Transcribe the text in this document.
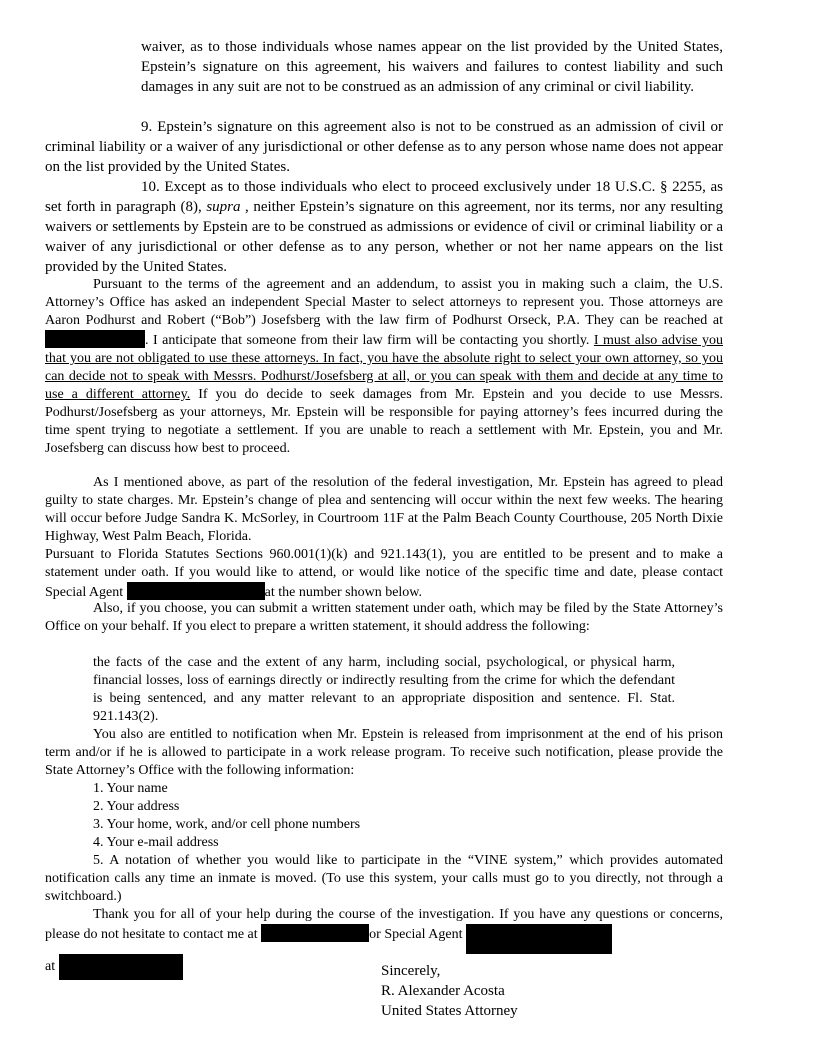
waiver, as to those individuals whose names appear on the list provided by the United States, Epstein’s signature on this agreement, his waivers and failures to contest liability and such damages in any suit are not to be construed as an admission of any criminal or civil liability.

9. Epstein’s signature on this agreement also is not to be construed as an admission of civil or criminal liability or a waiver of any jurisdictional or other defense as to any person whose name does not appear on the list provided by the United States.

10. Except as to those individuals who elect to proceed exclusively under 18 U.S.C. § 2255, as set forth in paragraph (8), supra , neither Epstein’s signature on this agreement, nor its terms, nor any resulting waivers or settlements by Epstein are to be construed as admissions or evidence of civil or criminal liability or a waiver of any jurisdictional or other defense as to any person, whether or not her name appears on the list provided by the United States.

Pursuant to the terms of the agreement and an addendum, to assist you in making such a claim, the U.S. Attorney’s Office has asked an independent Special Master to select attorneys to represent you. Those attorneys are Aaron Podhurst and Robert (“Bob”) Josefsberg with the law firm of Podhurst Orseck, P.A. They can be reached at . I anticipate that someone from their law firm will be contacting you shortly. I must also advise you that you are not obligated to use these attorneys. In fact, you have the absolute right to select your own attorney, so you can decide not to speak with Messrs. Podhurst/Josefsberg at all, or you can speak with them and decide at any time to use a different attorney. If you do decide to seek damages from Mr. Epstein and you decide to use Messrs. Podhurst/Josefsberg as your attorneys, Mr. Epstein will be responsible for paying attorney’s fees incurred during the time spent trying to negotiate a settlement. If you are unable to reach a settlement with Mr. Epstein, you and Mr. Josefsberg can discuss how best to proceed.

As I mentioned above, as part of the resolution of the federal investigation, Mr. Epstein has agreed to plead guilty to state charges. Mr. Epstein’s change of plea and sentencing will occur within the next few weeks. The hearing will occur before Judge Sandra K. McSorley, in Courtroom 11F at the Palm Beach County Courthouse, 205 North Dixie Highway, West Palm Beach, Florida.

Pursuant to Florida Statutes Sections 960.001(1)(k) and 921.143(1), you are entitled to be present and to make a statement under oath. If you would like to attend, or would like notice of the specific time and date, please contact Special Agent	at the number shown below.

Also, if you choose, you can submit a written statement under oath, which may be filed by the State Attorney’s Office on your behalf. If you elect to prepare a written statement, it should address the following:

the facts of the case and the extent of any harm, including social, psychological, or physical harm, financial losses, loss of earnings directly or indirectly resulting from the crime for which the defendant is being sentenced, and any matter relevant to an appropriate disposition and sentence. Fl. Stat. 921.143(2).

You also are entitled to notification when Mr. Epstein is released from imprisonment at the end of his prison term and/or if he is allowed to participate in a work release program. To receive such notification, please provide the State Attorney’s Office with the following information:

1. Your name
2. Your address
3. Your home, work, and/or cell phone numbers
4. Your e-mail address

5. A notation of whether you would like to participate in the “VINE system,” which provides automated notification calls any time an inmate is moved. (To use this system, your calls must go to you directly, not through a switchboard.)

Thank you for all of your help during the course of the investigation. If you have any questions or concerns, please do not hesitate to contact me at	or Special Agent
at	Sincerely,
R. Alexander Acosta
United States Attorney
